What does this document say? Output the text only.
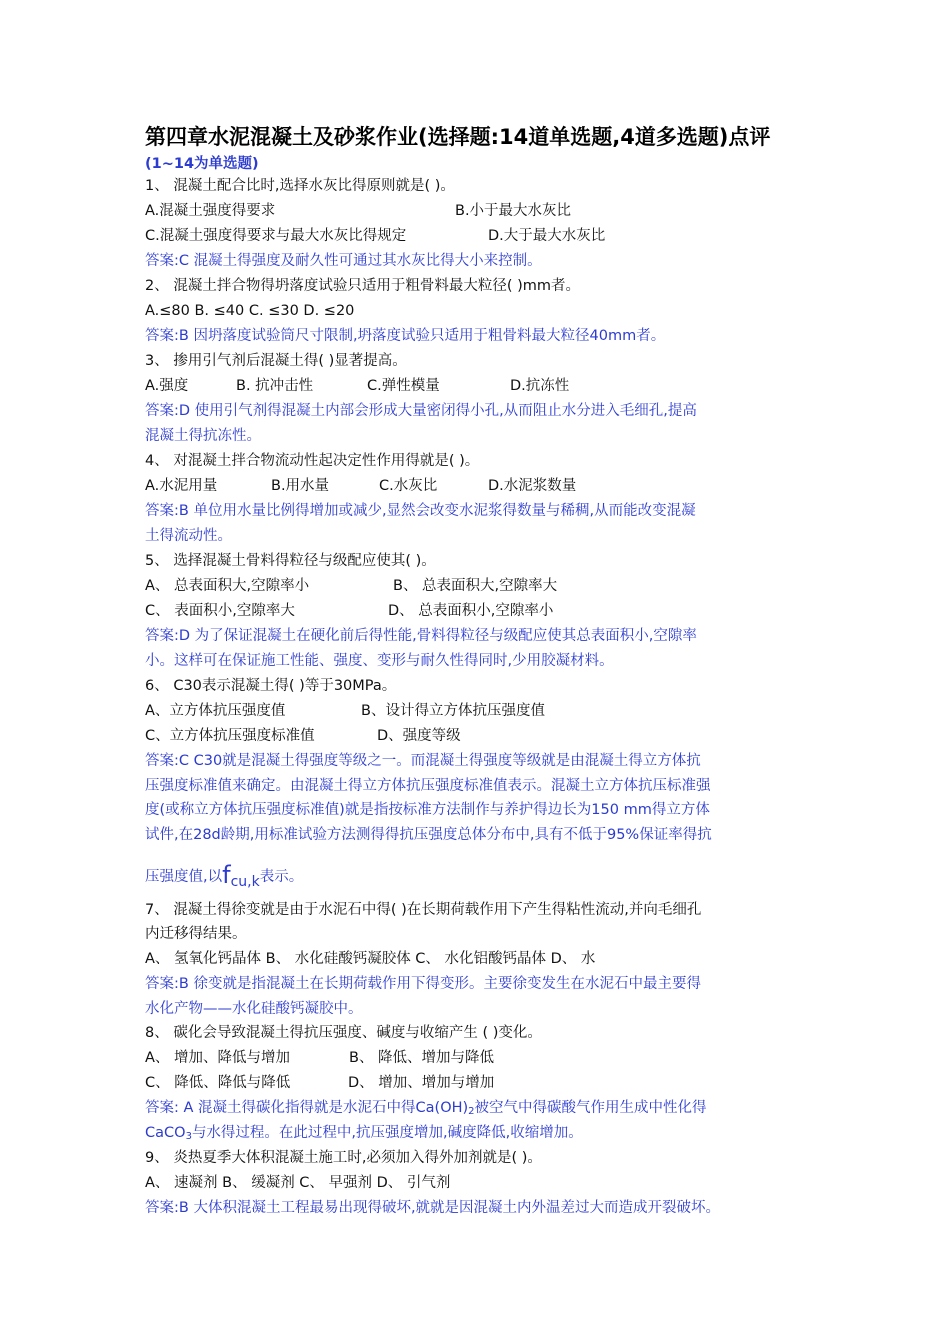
第四章水泥混凝土及砂浆作业(选择题:14道单选题,4道多选题)点评
(1~14为单选题)
1、 混凝土配合比时,选择水灰比得原则就是( )。
A.混凝土强度得要求	B.小于最大水灰比
C.混凝土强度得要求与最大水灰比得规定	D.大于最大水灰比
答案:C 混凝土得强度及耐久性可通过其水灰比得大小来控制。
2、 混凝土拌合物得坍落度试验只适用于粗骨料最大粒径( )mm者。
A.≤80 B. ≤40 C. ≤30 D. ≤20
答案:B 因坍落度试验筒尺寸限制,坍落度试验只适用于粗骨料最大粒径40mm者。
3、 掺用引气剂后混凝土得( )显著提高。
A.强度	B. 抗冲击性	C.弹性模量	D.抗冻性
答案:D 使用引气剂得混凝土内部会形成大量密闭得小孔,从而阻止水分进入毛细孔,提高
混凝土得抗冻性。
4、 对混凝土拌合物流动性起决定性作用得就是( )。
A.水泥用量	B.用水量	C.水灰比	D.水泥浆数量
答案:B 单位用水量比例得增加或减少,显然会改变水泥浆得数量与稀稠,从而能改变混凝
土得流动性。
5、 选择混凝土骨料得粒径与级配应使其( )。
A、 总表面积大,空隙率小	B、 总表面积大,空隙率大
C、 表面积小,空隙率大	D、 总表面积小,空隙率小
答案:D 为了保证混凝土在硬化前后得性能,骨料得粒径与级配应使其总表面积小,空隙率
小。这样可在保证施工性能、强度、变形与耐久性得同时,少用胶凝材料。
6、 C30表示混凝土得( )等于30MPa。
A、立方体抗压强度值	B、设计得立方体抗压强度值
C、立方体抗压强度标准值	D、强度等级
答案:C C30就是混凝土得强度等级之一。而混凝土得强度等级就是由混凝土得立方体抗
压强度标准值来确定。由混凝土得立方体抗压强度标准值表示。混凝土立方体抗压标准强
度(或称立方体抗压强度标准值)就是指按标准方法制作与养护得边长为150 mm得立方体
试件,在28d龄期,用标准试验方法测得得抗压强度总体分布中,具有不低于95%保证率得抗
压强度值,以fcu,k表示。
7、 混凝土得徐变就是由于水泥石中得( )在长期荷载作用下产生得粘性流动,并向毛细孔
内迁移得结果。
A、 氢氧化钙晶体 B、 水化硅酸钙凝胶体 C、 水化铝酸钙晶体 D、 水
答案:B 徐变就是指混凝土在长期荷载作用下得变形。主要徐变发生在水泥石中最主要得
水化产物——水化硅酸钙凝胶中。
8、 碳化会导致混凝土得抗压强度、碱度与收缩产生 ( )变化。
A、 增加、降低与增加	B、 降低、增加与降低
C、 降低、降低与降低	D、 增加、增加与增加
答案: A 混凝土得碳化指得就是水泥石中得$Ca(OH)_2$被空气中得碳酸气作用生成中性化得
CaCO$_3$与水得过程。在此过程中,抗压强度增加,碱度降低,收缩增加。
9、 炎热夏季大体积混凝土施工时,必须加入得外加剂就是( )。
A、 速凝剂 B、 缓凝剂 C、 早强剂 D、 引气剂
答案:B 大体积混凝土工程最易出现得破坏,就就是因混凝土内外温差过大而造成开裂破坏。
